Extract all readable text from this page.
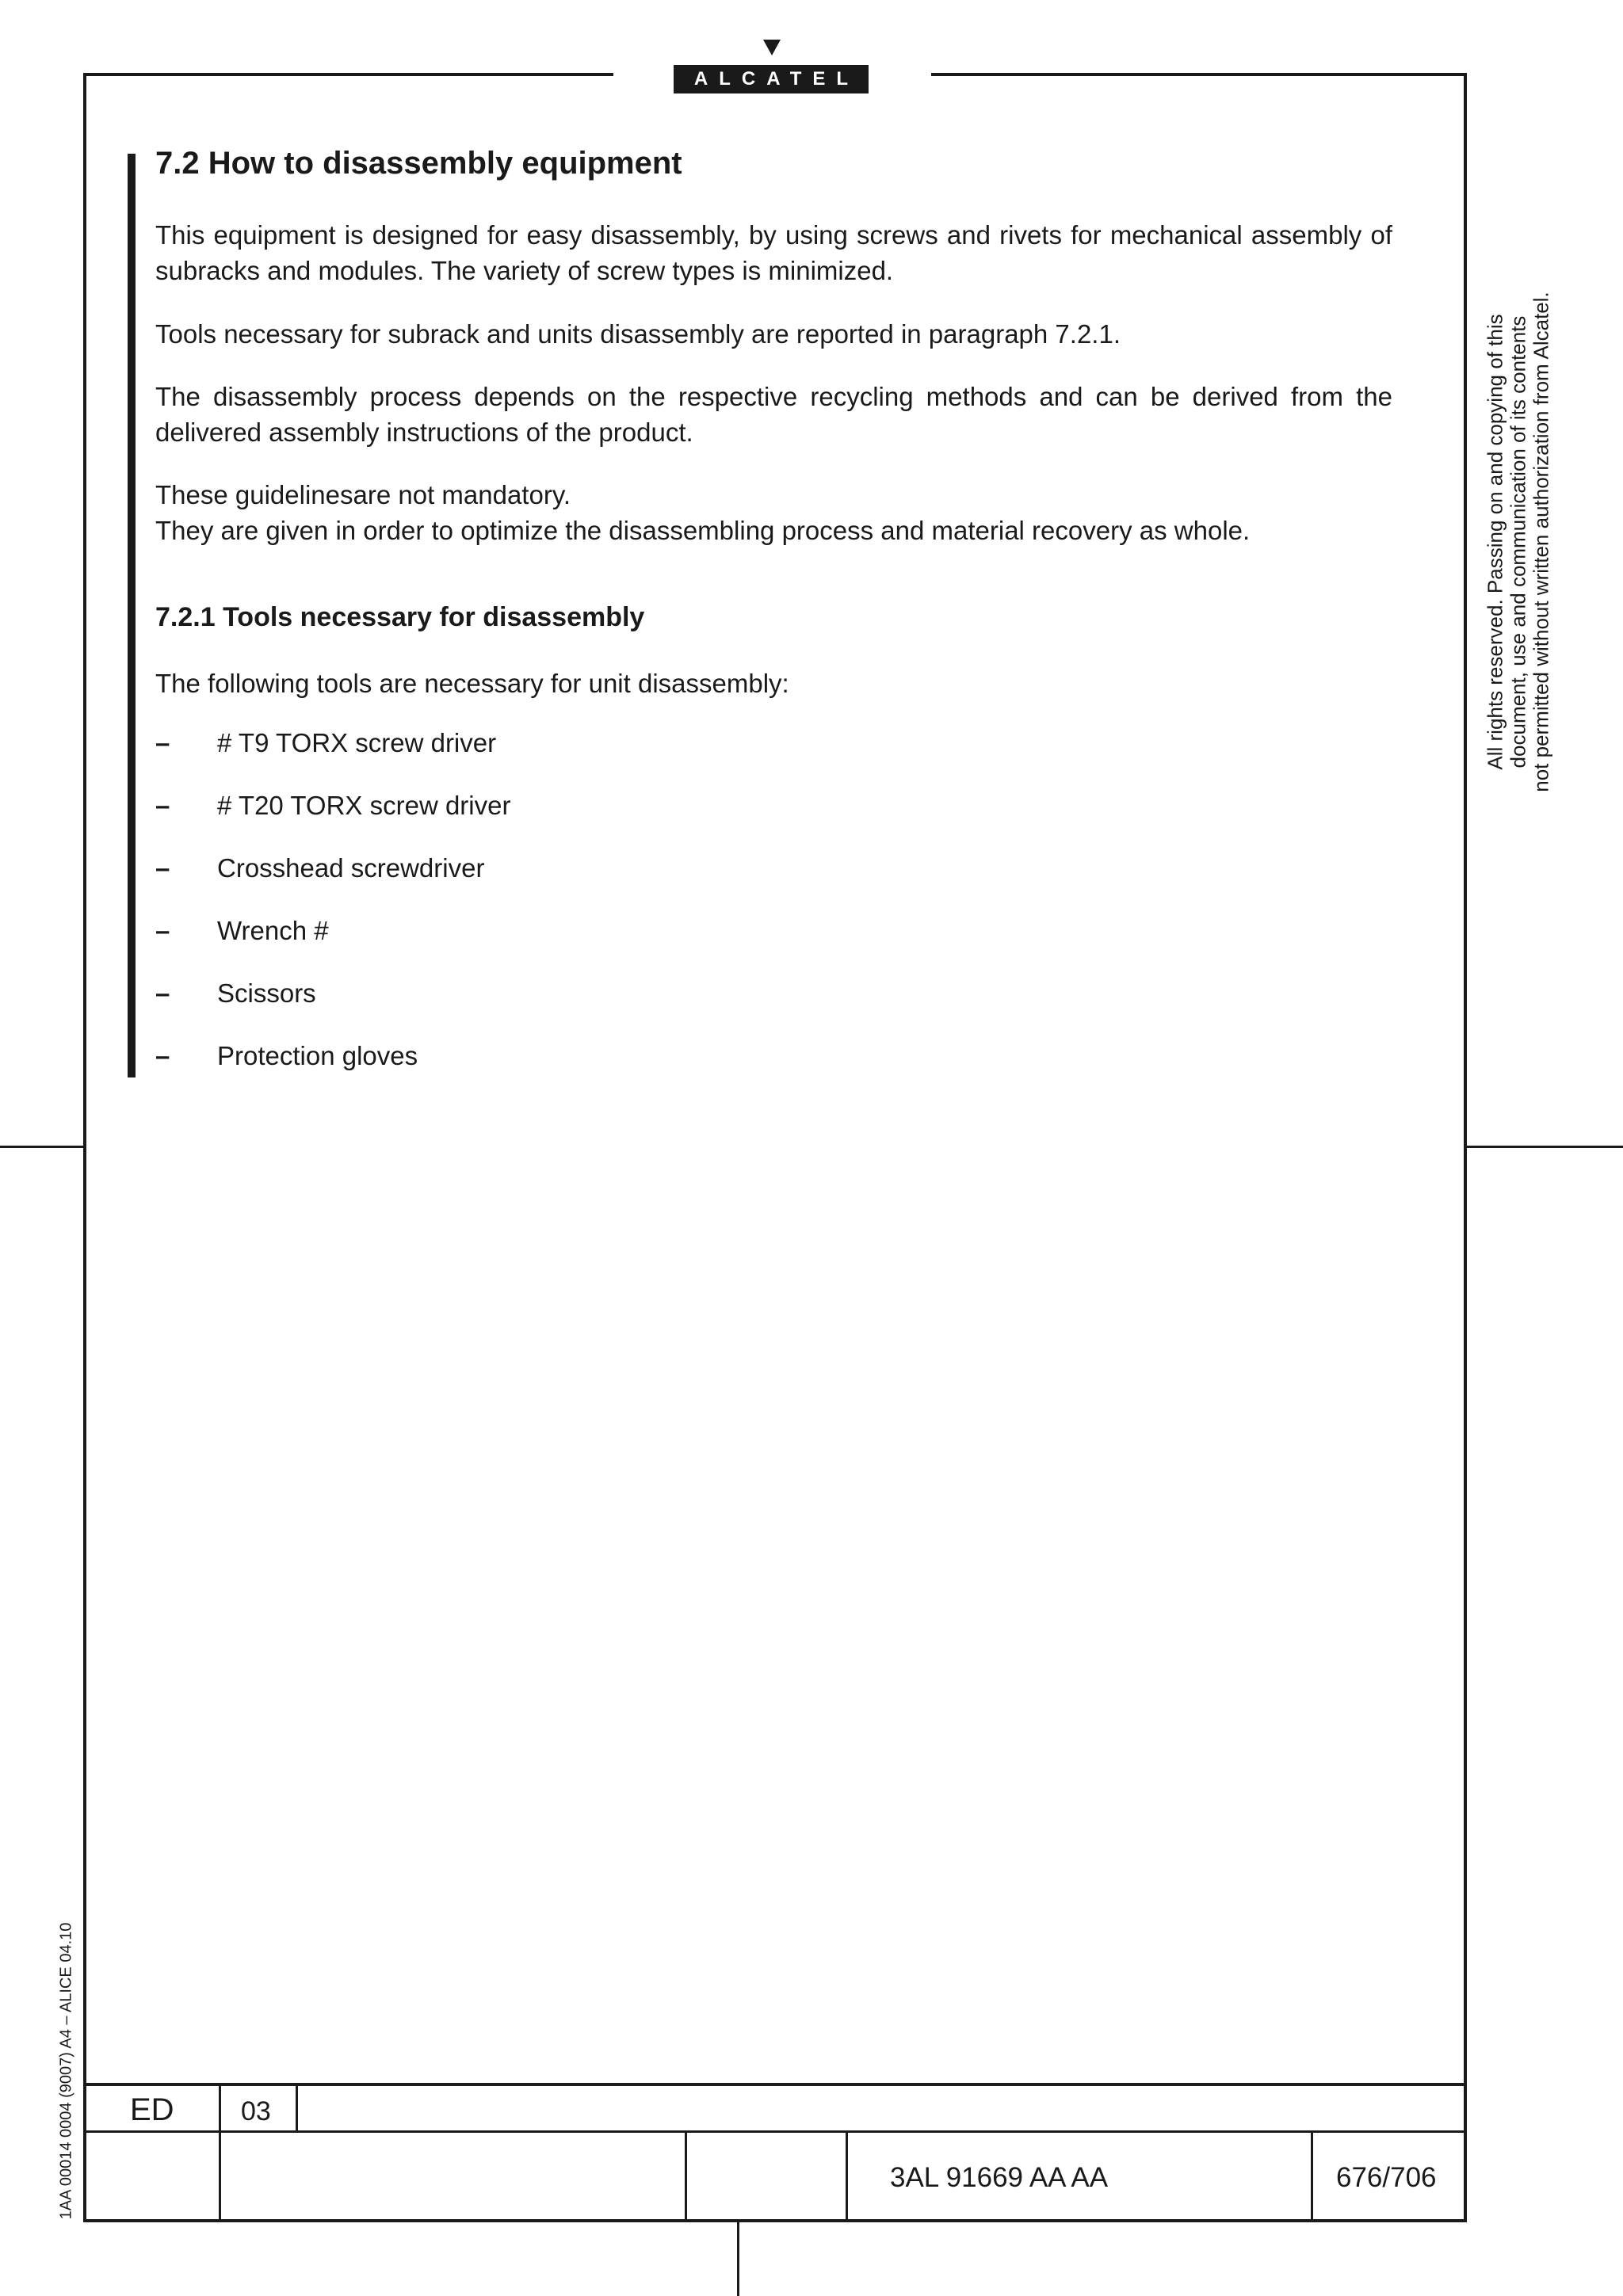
ALCATEL
7.2 How to disassembly equipment

This equipment is designed for easy disassembly, by using screws and rivets for mechanical assembly of subracks and modules. The variety of screw types is minimized.

Tools necessary for subrack and units disassembly are reported in paragraph 7.2.1.

The disassembly process depends on the respective recycling methods and can be derived from the delivered assembly instructions of the product.

These guidelinesare not mandatory.

They are given in order to optimize the disassembling process and material recovery as whole.

7.2.1 Tools necessary for disassembly

The following tools are necessary for unit disassembly:

– # T9 TORX screw driver
– # T20 TORX screw driver
– Crosshead screwdriver
– Wrench #
– Scissors
– Protection gloves
All rights reserved. Passing on and copying of this document, use and communication of its contents not permitted without written authorization from Alcatel.
1AA 00014 0004 (9007) A4 – ALICE 04.10 ED 03
3AL 91669 AA AA	676/706
